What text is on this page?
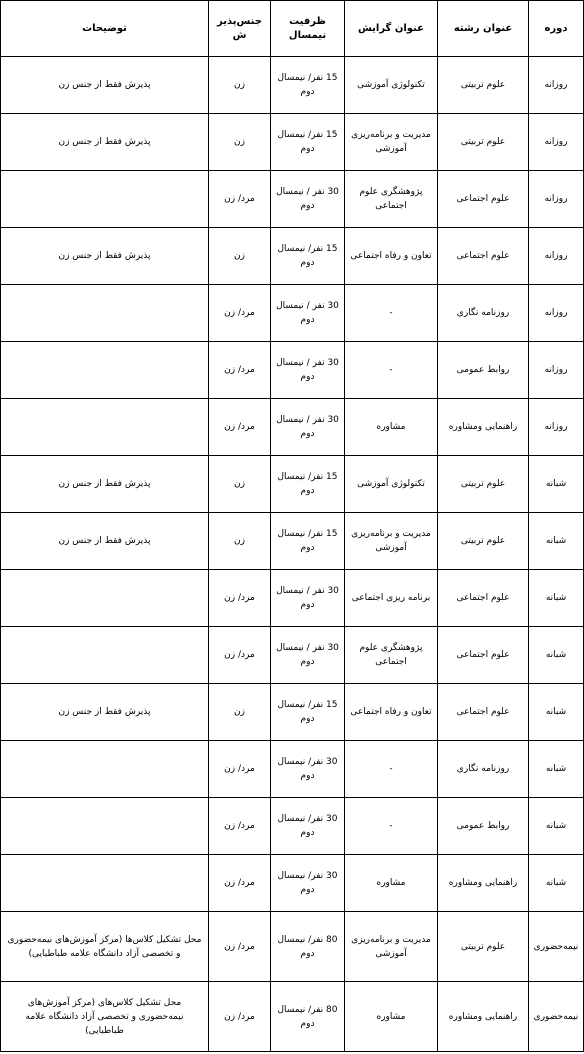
دوره	عنوان رشته	عنوان گرایش	ظرفیت نیمسال	جنس‌پذیرش	توضیحات
روزانه	علوم تربیتی	تکنولوژی آموزشی	15 نفر/ نیمسال دوم	زن	پذیرش فقط از جنس زن
روزانه	علوم تربیتی	مدیریت و برنامه‌ریزی آموزشی	15 نفر/ نیمسال دوم	زن	پذیرش فقط از جنس زن
روزانه	علوم اجتماعی	پژوهشگری علوم اجتماعی	30 نفر / نیمسال دوم	مرد/ زن	
روزانه	علوم اجتماعی	تعاون و رفاه اجتماعی	15 نفر/ نیمسال دوم	زن	پذیرش فقط از جنس زن
روزانه	روزنامه نگاری	-	30 نفر / نیمسال دوم	مرد/ زن	
روزانه	روابط عمومی	-	30 نفر / نیمسال دوم	مرد/ زن	
روزانه	راهنمایی ومشاوره	مشاوره	30 نفر / نیمسال دوم	مرد/ زن	
شبانه	علوم تربیتی	تکنولوژی آموزشی	15 نفر/ نیمسال دوم	زن	پذیرش فقط از جنس زن
شبانه	علوم تربیتی	مدیریت و برنامه‌ریزی آموزشی	15 نفر/ نیمسال دوم	زن	پذیرش فقط از جنس زن
شبانه	علوم اجتماعی	برنامه ریزی اجتماعی	30 نفر / نیمسال دوم	مرد/ زن	
شبانه	علوم اجتماعی	پژوهشگری علوم اجتماعی	30 نفر / نیمسال دوم	مرد/ زن	
شبانه	علوم اجتماعی	تعاون و رفاه اجتماعی	15 نفر/ نیمسال دوم	زن	پذیرش فقط از جنس زن
شبانه	روزنامه نگاری	-	30 نفر/ نیمسال دوم	مرد/ زن	
شبانه	روابط عمومی	-	30 نفر/ نیمسال دوم	مرد/ زن	
شبانه	راهنمایی ومشاوره	مشاوره	30 نفر/ نیمسال دوم	مرد/ زن	
نیمه‌حضوری	علوم تربیتی	مدیریت و برنامه‌ریزی آموزشی	80 نفر/ نیمسال دوم	مرد/ زن	محل تشکیل کلاس‌ها (مرکز آموزش‌های نیمه‌حضوری و تخصصی آزاد دانشگاه علامه طباطبایی)
نیمه‌حضوری	راهنمایی ومشاوره	مشاوره	80 نفر/ نیمسال دوم	مرد/ زن	محل تشکیل کلاس‌های (مرکز آموزش‌های نیمه‌حضوری و تخصصی آزاد دانشگاه علامه طباطبایی)
